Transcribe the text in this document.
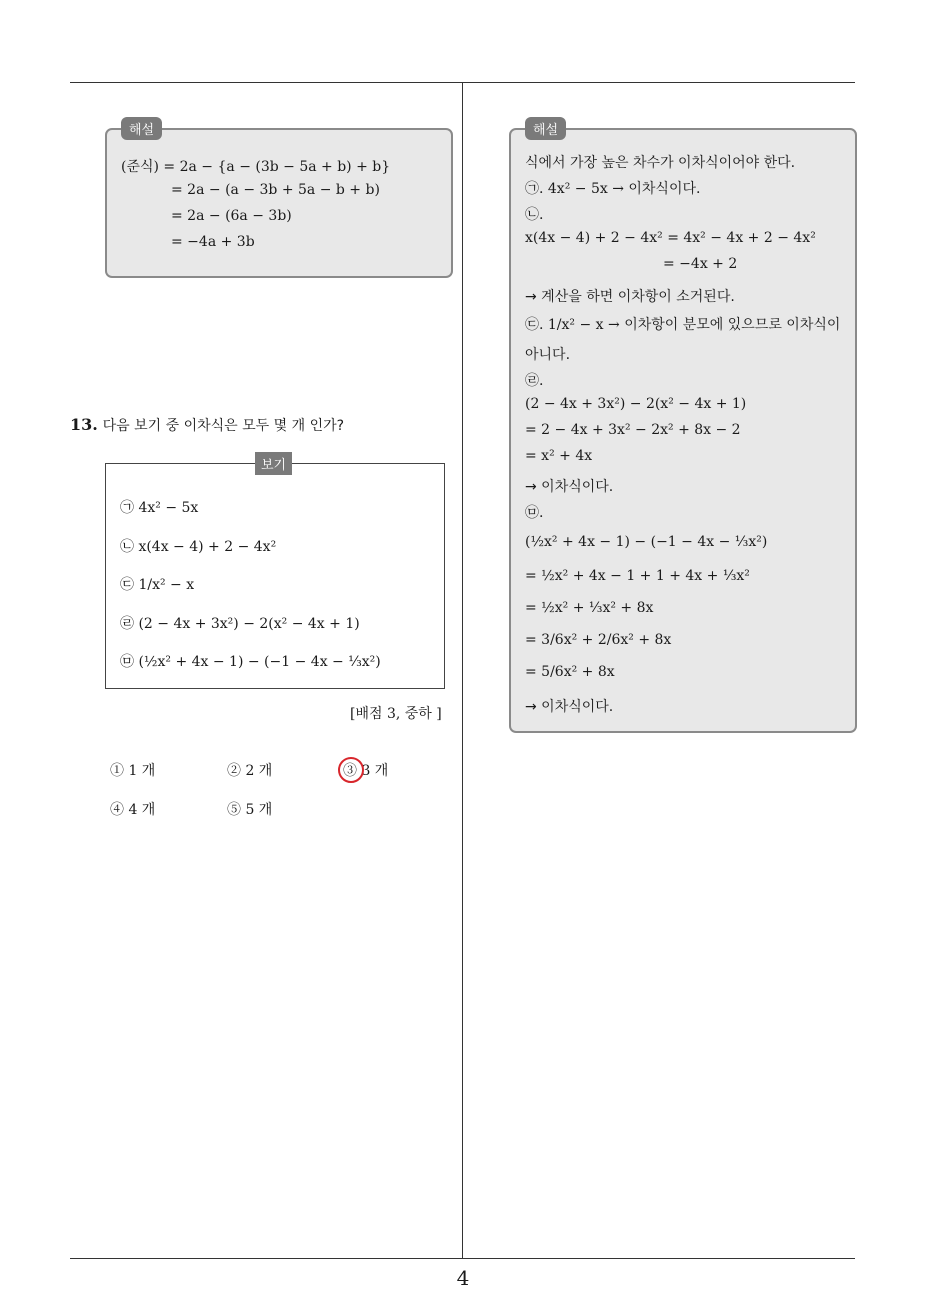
해설
(준식) = 2a − {a − (3b − 5a + b) + b}
= 2a − (a − 3b + 5a − b + b)
= 2a − (6a − 3b)
= −4a + 3b
13. 다음 보기 중 이차식은 모두 몇 개 인가?
보기
㉠ 4x² − 5x
㉡ x(4x − 4) + 2 − 4x²
㉢ 1/x² − x
㉣ (2 − 4x + 3x²) − 2(x² − 4x + 1)
㉤ (½x² + 4x − 1) − (−1 − 4x − ⅓x²)
[배점 3, 중하 ]
① 1 개	② 2 개	③ 3 개
④ 4 개	⑤ 5 개
해설
식에서 가장 높은 차수가 이차식이어야 한다.
㉠. 4x² − 5x → 이차식이다.
㉡.
x(4x − 4) + 2 − 4x² = 4x² − 4x + 2 − 4x²
= −4x + 2
→ 계산을 하면 이차항이 소거된다.
㉢. 1/x² − x → 이차항이 분모에 있으므로 이차식이
아니다.
㉣.
(2 − 4x + 3x²) − 2(x² − 4x + 1)
= 2 − 4x + 3x² − 2x² + 8x − 2
= x² + 4x
→ 이차식이다.
㉤.
(½x² + 4x − 1) − (−1 − 4x − ⅓x²)
= ½x² + 4x − 1 + 1 + 4x + ⅓x²
= ½x² + ⅓x² + 8x
= 3/6x² + 2/6x² + 8x
= 5/6x² + 8x
→ 이차식이다.
4
